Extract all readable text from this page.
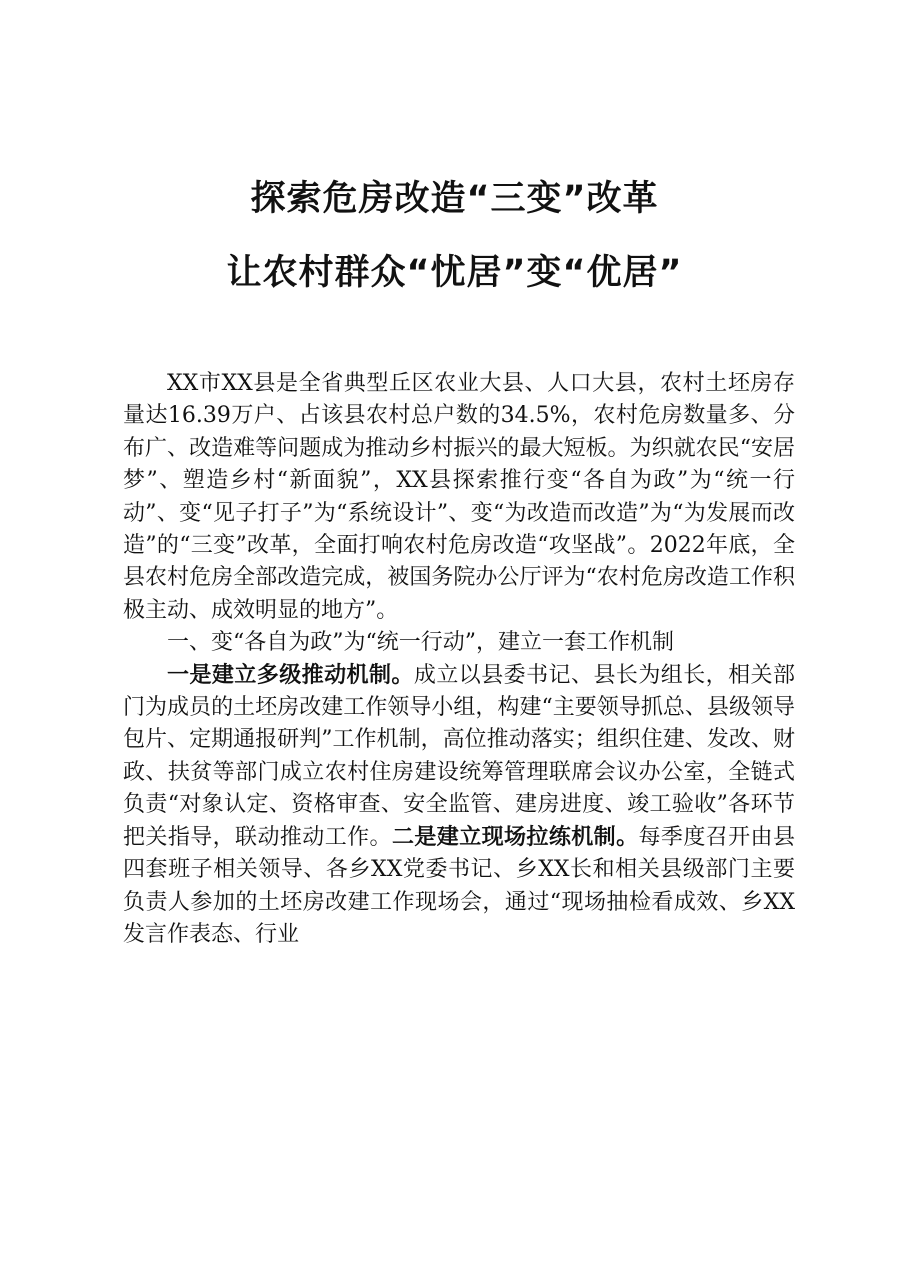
探索危房改造“三变”改革
让农村群众“忧居”变“优居”

XX市XX县是全省典型丘区农业大县、人口大县，农村土坯房存量达16.39万户、占该县农村总户数的34.5%，农村危房数量多、分布广、改造难等问题成为推动乡村振兴的最大短板。为织就农民“安居梦”、塑造乡村“新面貌”，XX县探索推行变“各自为政”为“统一行动”、变“见子打子”为“系统设计”、变“为改造而改造”为“为发展而改造”的“三变”改革，全面打响农村危房改造“攻坚战”。2022年底，全县农村危房全部改造完成，被国务院办公厅评为“农村危房改造工作积极主动、成效明显的地方”。

一、变“各自为政”为“统一行动”，建立一套工作机制

一是建立多级推动机制。成立以县委书记、县长为组长，相关部门为成员的土坯房改建工作领导小组，构建“主要领导抓总、县级领导包片、定期通报研判”工作机制，高位推动落实；组织住建、发改、财政、扶贫等部门成立农村住房建设统筹管理联席会议办公室，全链式负责“对象认定、资格审查、安全监管、建房进度、竣工验收”各环节把关指导，联动推动工作。二是建立现场拉练机制。每季度召开由县四套班子相关领导、各乡XX党委书记、乡XX长和相关县级部门主要负责人参加的土坯房改建工作现场会，通过“现场抽检看成效、乡XX发言作表态、行业
